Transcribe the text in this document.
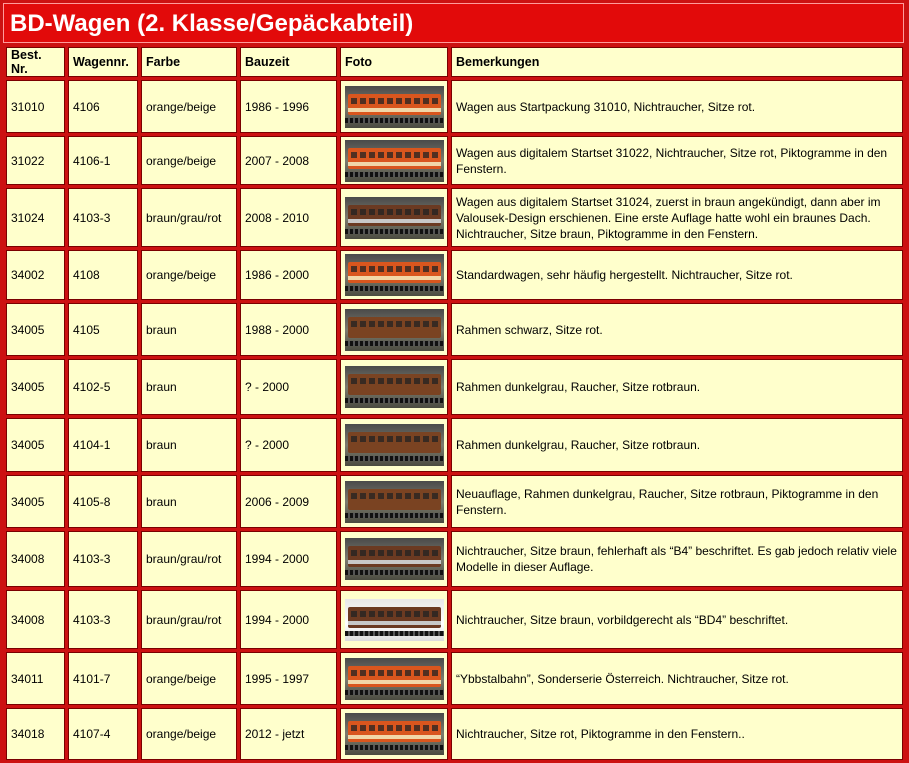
BD-Wagen (2. Klasse/Gepäckabteil)
Best. Nr.	Wagennr.	Farbe	Bauzeit	Foto	Bemerkungen
31010	4106	orange/beige	1986 - 1996		Wagen aus Startpackung 31010, Nichtraucher, Sitze rot.
31022	4106-1	orange/beige	2007 - 2008		Wagen aus digitalem Startset 31022, Nichtraucher, Sitze rot, Piktogramme in den Fenstern.
31024	4103-3	braun/grau/rot	2008 - 2010		Wagen aus digitalem Startset 31024, zuerst in braun angekündigt, dann aber im Valousek-Design erschienen. Eine erste Auflage hatte wohl ein braunes Dach. Nichtraucher, Sitze braun, Piktogramme in den Fenstern.
34002	4108	orange/beige	1986 - 2000		Standardwagen, sehr häufig hergestellt. Nichtraucher, Sitze rot.
34005	4105	braun	1988 - 2000		Rahmen schwarz, Sitze rot.
34005	4102-5	braun	? - 2000		Rahmen dunkelgrau, Raucher, Sitze rotbraun.
34005	4104-1	braun	? - 2000		Rahmen dunkelgrau, Raucher, Sitze rotbraun.
34005	4105-8	braun	2006 - 2009		Neuauflage, Rahmen dunkelgrau, Raucher, Sitze rotbraun, Piktogramme in den Fenstern.
34008	4103-3	braun/grau/rot	1994 - 2000		Nichtraucher, Sitze braun, fehlerhaft als “B4” beschriftet. Es gab jedoch relativ viele Modelle in dieser Auflage.
34008	4103-3	braun/grau/rot	1994 - 2000		Nichtraucher, Sitze braun, vorbildgerecht als “BD4” beschriftet.
34011	4101-7	orange/beige	1995 - 1997		“Ybbstalbahn”, Sonderserie Österreich. Nichtraucher, Sitze rot.
34018	4107-4	orange/beige	2012 - jetzt		Nichtraucher, Sitze rot, Piktogramme in den Fenstern..
